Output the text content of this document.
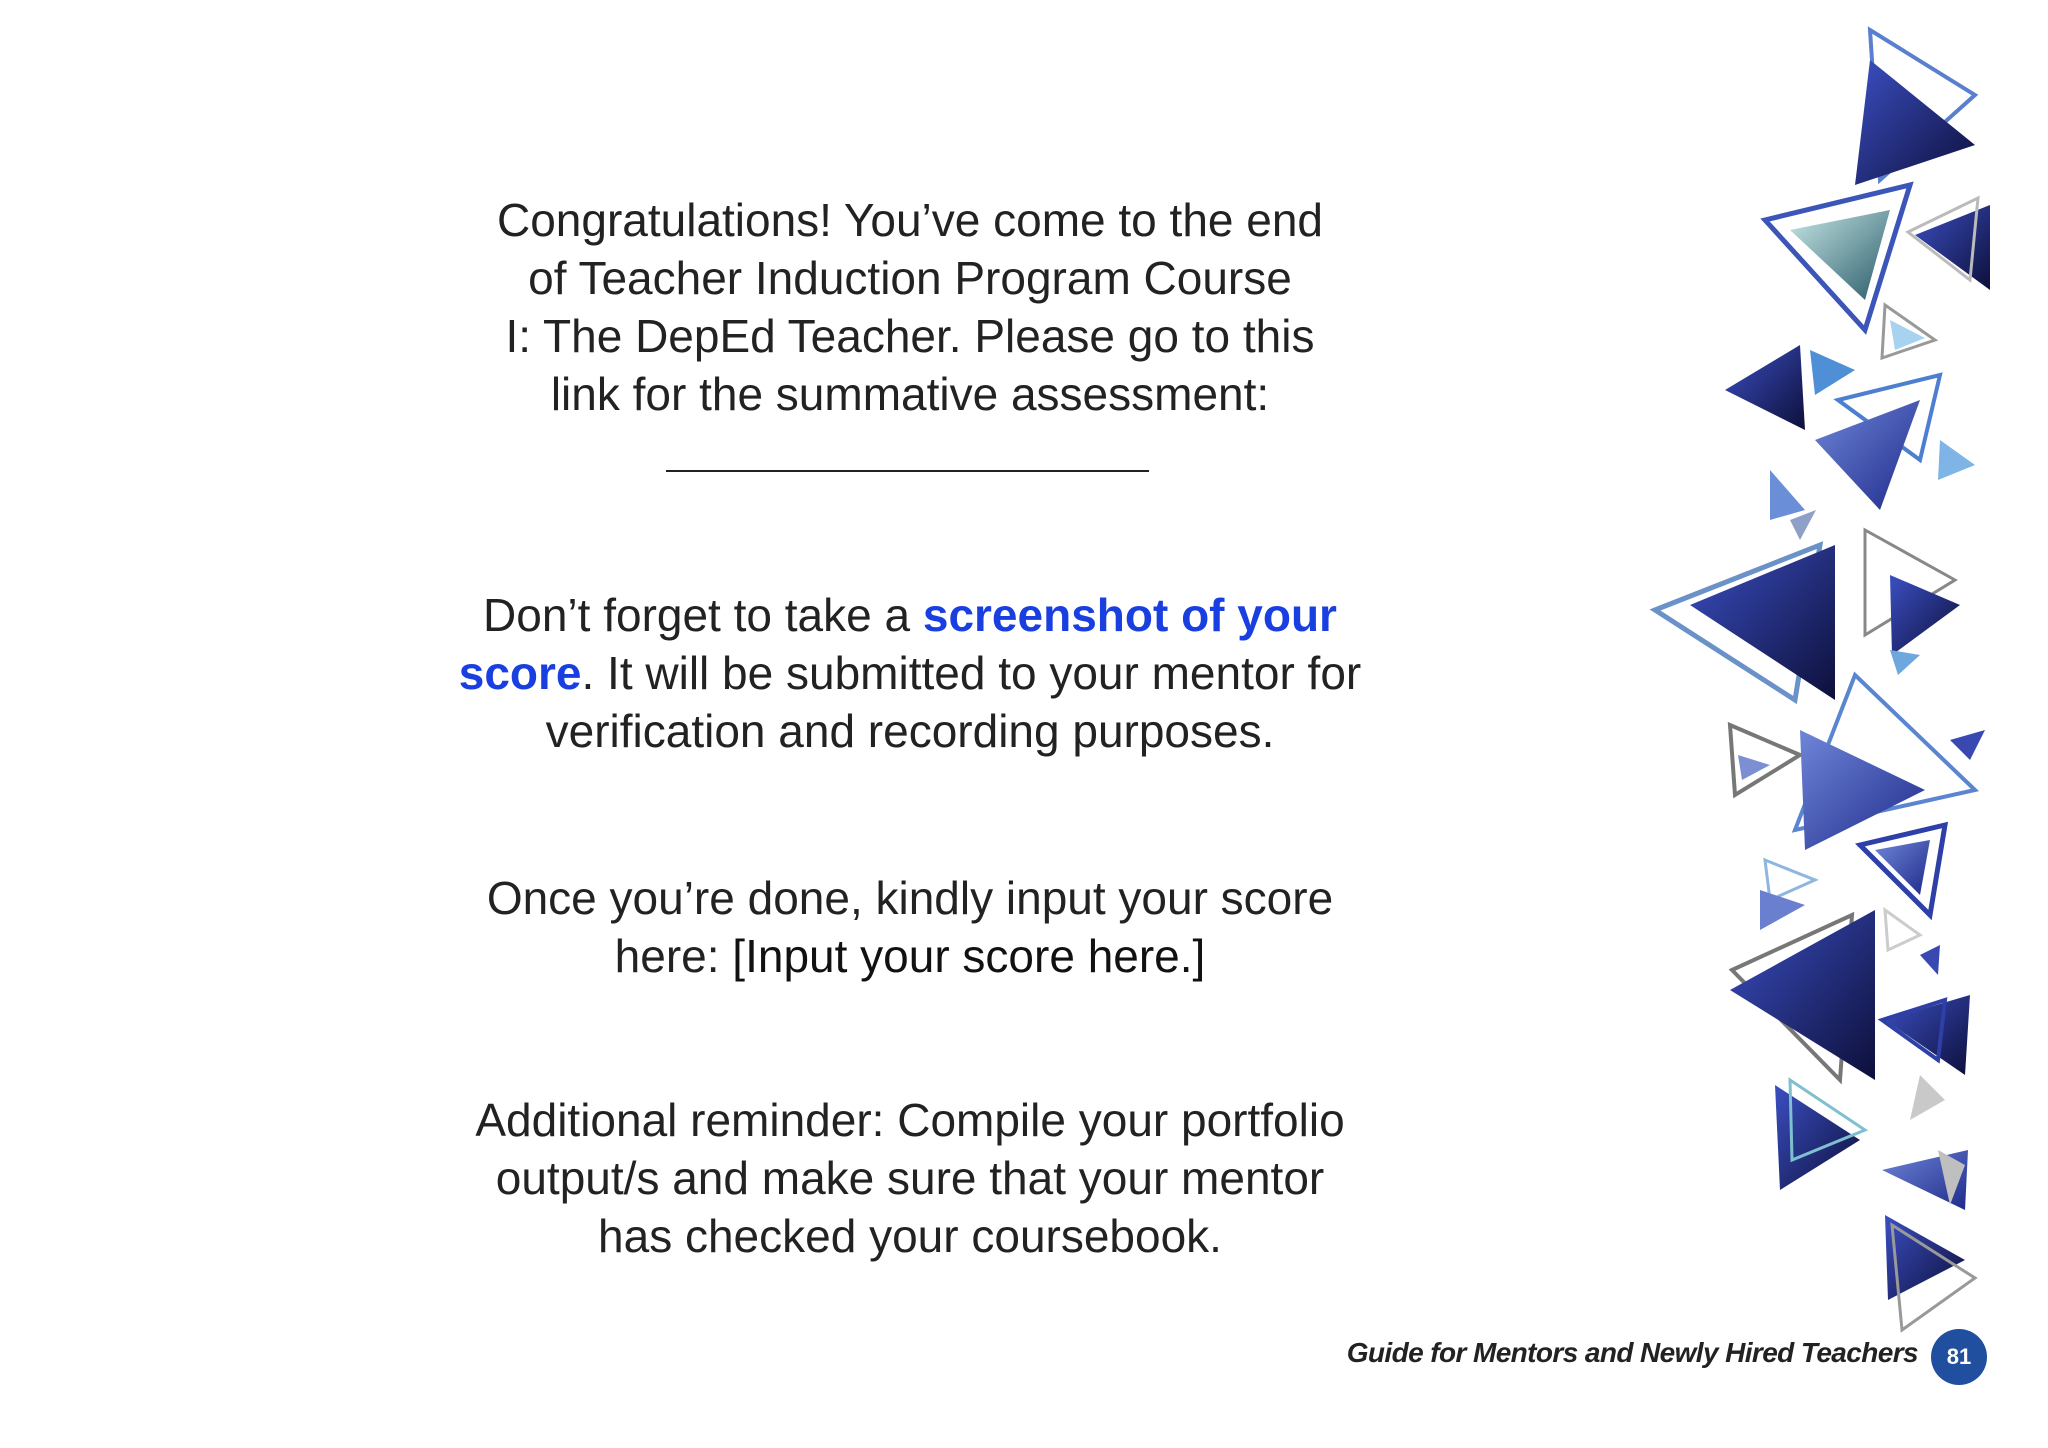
Congratulations! You’ve come to the end

of Teacher Induction Program Course

I: The DepEd Teacher. Please go to this

link for the summative assessment:

Don’t forget to take a screenshot of your

score. It will be submitted to your mentor for

verification and recording purposes.

Once you’re done, kindly input your score

here: [Input your score here.]

Additional reminder: Compile your portfolio

output/s and make sure that your mentor

has checked your coursebook.

Guide for Mentors and Newly Hired Teachers	81
